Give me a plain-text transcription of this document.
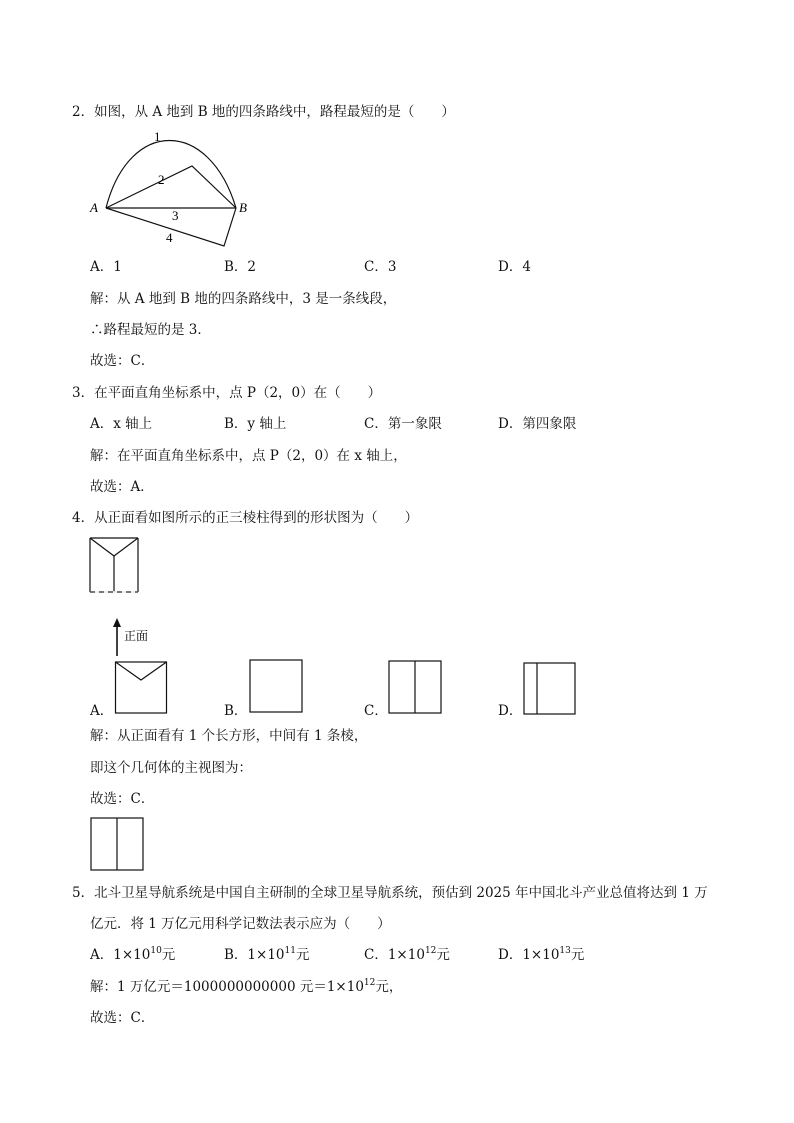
2．如图，从 A 地到 B 地的四条路线中，路程最短的是（　　）
A	B
1
2
3
4
A．1	B．2	C．3	D．4
解：从 A 地到 B 地的四条路线中，3 是一条线段，
∴路程最短的是 3．
故选：C．
3．在平面直角坐标系中，点 P（2，0）在（　　）
A．x 轴上	B．y 轴上	C．第一象限	D．第四象限
解：在平面直角坐标系中，点 P（2，0）在 x 轴上，
故选：A．
4．从正面看如图所示的正三棱柱得到的形状图为（　　）
正面
A．	B．	C．	D．
解：从正面看有 1 个长方形，中间有 1 条棱，
即这个几何体的主视图为：
故选：C．
5．北斗卫星导航系统是中国自主研制的全球卫星导航系统，预估到 2025 年中国北斗产业总值将达到 1 万
亿元．将 1 万亿元用科学记数法表示应为（　　）
A．$1\times 10^{10}$元	B．$1\times 10^{11}$元	C．$1\times 10^{12}$元	D．$1\times 10^{13}$元
解：1 万亿元＝1000000000000 元$=1\times 10^{12}$元，
故选：C．
